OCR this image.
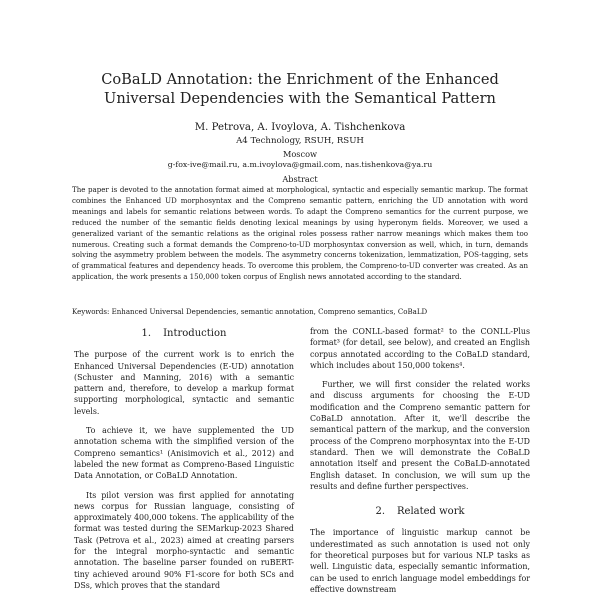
CoBaLD Annotation: the Enrichment of the Enhanced Universal Dependencies with the Semantical Pattern
M. Petrova, A. Ivoylova, A. Tishchenkova
A4 Technology, RSUH, RSUH
Moscow
g-fox-ive@mail.ru, a.m.ivoylova@gmail.com, nas.tishenkova@ya.ru
Abstract
The paper is devoted to the annotation format aimed at morphological, syntactic and especially semantic markup. The format combines the Enhanced UD morphosyntax and the Compreno semantic pattern, enriching the UD annotation with word meanings and labels for semantic relations between words. To adapt the Compreno semantics for the current purpose, we reduced the number of the semantic fields denoting lexical meanings by using hyperonym fields. Moreover, we used a generalized variant of the semantic relations as the original roles possess rather narrow meanings which makes them too numerous. Creating such a format demands the Compreno-to-UD morphosyntax conversion as well, which, in turn, demands solving the asymmetry problem between the models. The asymmetry concerns tokenization, lemmatization, POS-tagging, sets of grammatical features and dependency heads. To overcome this problem, the Compreno-to-UD converter was created. As an application, the work presents a 150,000 token corpus of English news annotated according to the standard.
Keywords: Enhanced Universal Dependencies, semantic annotation, Compreno semantics, CoBaLD
1. Introduction

The purpose of the current work is to enrich the Enhanced Universal Dependencies (E-UD) annotation (Schuster and Manning, 2016) with a semantic pattern and, therefore, to develop a markup format supporting morphological, syntactic and semantic levels.

To achieve it, we have supplemented the UD annotation schema with the simplified version of the Compreno semantics¹ (Anisimovich et al., 2012) and labeled the new format as Compreno-Based Linguistic Data Annotation, or CoBaLD Annotation.

Its pilot version was first applied for annotating news corpus for Russian language, consisting of approximately 400,000 tokens. The applicability of the format was tested during the SEMarkup-2023 Shared Task (Petrova et al., 2023) aimed at creating parsers for the integral morpho-syntactic and semantic annotation. The baseline parser founded on ruBERT-tiny achieved around 90% F1-score for both SCs and DSs, which proves that the standard

from the CONLL-based format² to the CONLL-Plus format³ (for detail, see below), and created an English corpus annotated according to the CoBaLD standard, which includes about 150,000 tokens⁴.

Further, we will first consider the related works and discuss arguments for choosing the E-UD modification and the Compreno semantic pattern for CoBaLD annotation. After it, we'll describe the semantical pattern of the markup, and the conversion process of the Compreno morphosyntax into the E-UD standard. Then we will demonstrate the CoBaLD annotation itself and present the CoBaLD-annotated English dataset. In conclusion, we will sum up the results and define further perspectives.

2. Related work

The importance of linguistic markup cannot be underestimated as such annotation is used not only for theoretical purposes but for various NLP tasks as well. Linguistic data, especially semantic information, can be used to enrich language model embeddings for effective downstream
